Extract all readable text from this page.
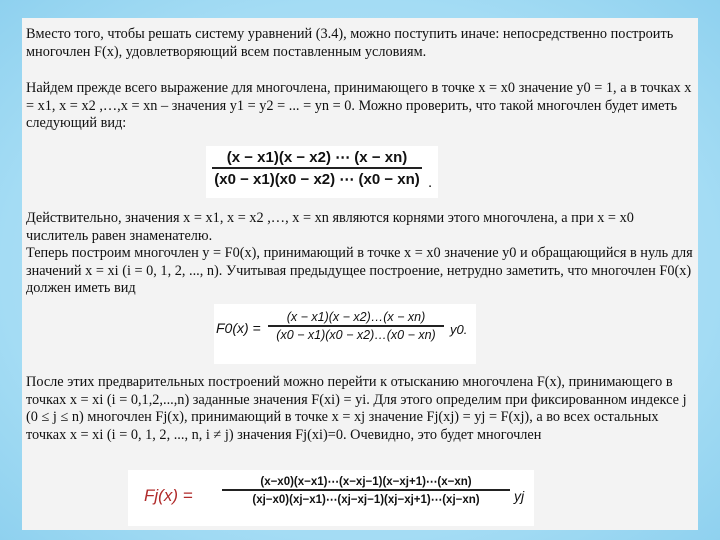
Вместо того, чтобы решать систему уравнений (3.4), можно поступить иначе: непосредственно построить многочлен F(x), удовлетворяющий всем поставленным условиям.
Найдем прежде всего выражение для многочлена, принимающего в точке x = x0 значение y0 = 1, а в точках x = x1, x = x2 ,…,x = xn – значения y1 = y2 = ... = yn = 0. Можно проверить, что такой многочлен будет иметь следующий вид:
(x − x1)(x − x2) ⋯ (x − xn)
(x0 − x1)(x0 − x2) ⋯ (x0 − xn) .
Действительно, значения x = x1, x = x2 ,…, x = xn являются корнями этого многочлена, а при x = x0 числитель равен знаменателю.
Теперь построим многочлен y = F0(x), принимающий в точке x = x0 значение y0 и обращающийся в нуль для значений x = xi (i = 0, 1, 2, ..., n). Учитывая предыдущее построение, нетрудно заметить, что многочлен F0(x) должен иметь вид
F0(x) =
(x − x1)(x − x2)…(x − xn)
(x0 − x1)(x0 − x2)…(x0 − xn) y0.
После этих предварительных построений можно перейти к отысканию многочлена F(x), принимающего в точках x = xi (i = 0,1,2,...,n) заданные значения F(xi) = yi. Для этого определим при фиксированном индексе j (0 ≤ j ≤ n) многочлен Fj(x), принимающий в точке x = xj значение Fj(xj) = yj = F(xj), а во всех остальных точках x = xi (i = 0, 1, 2, ..., n, i ≠ j) значения Fj(xi)=0. Очевидно, это будет многочлен
Fj(x) =
(x−x0)(x−x1)⋯(x−xj−1)(x−xj+1)⋯(x−xn)
(xj−x0)(xj−x1)⋯(xj−xj−1)(xj−xj+1)⋯(xj−xn) yj
